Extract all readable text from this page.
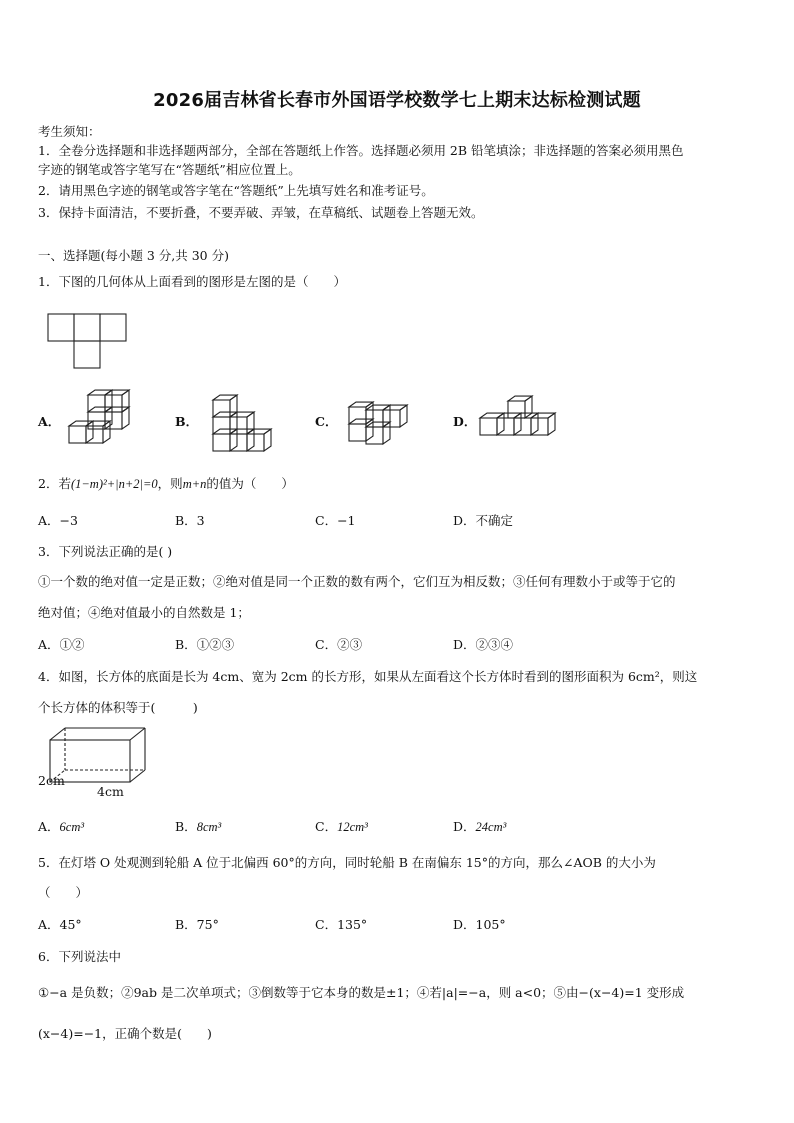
2026届吉林省长春市外国语学校数学七上期末达标检测试题
考生须知：
1．全卷分选择题和非选择题两部分，全部在答题纸上作答。选择题必须用 2B 铅笔填涂；非选择题的答案必须用黑色
字迹的钢笔或答字笔写在“答题纸”相应位置上。
2．请用黑色字迹的钢笔或答字笔在“答题纸”上先填写姓名和准考证号。
3．保持卡面清洁，不要折叠，不要弄破、弄皱，在草稿纸、试题卷上答题无效。
一、选择题(每小题 3 分,共 30 分)
1．下图的几何体从上面看到的图形是左图的是（　　）
A．	B．	C．	D．
2．若(1−m)²+|n+2|=0，则m+n的值为（　　）
A．−3	B．3	C．−1	D．不确定
3．下列说法正确的是( )
①一个数的绝对值一定是正数；②绝对值是同一个正数的数有两个，它们互为相反数；③任何有理数小于或等于它的
绝对值；④绝对值最小的自然数是 1；
A．①②	B．①②③	C．②③	D．②③④
4．如图，长方体的底面是长为 4cm、宽为 2cm 的长方形，如果从左面看这个长方体时看到的图形面积为 6cm²，则这
个长方体的体积等于(　　　)
2cm
4cm
A．6cm³	B．8cm³	C．12cm³	D．24cm³
5．在灯塔 O 处观测到轮船 A 位于北偏西 60°的方向，同时轮船 B 在南偏东 15°的方向，那么∠AOB 的大小为
（　　）
A．45°	B．75°	C．135°	D．105°
6．下列说法中
①−a 是负数；②9ab 是二次单项式；③倒数等于它本身的数是±1；④若|a|=−a，则 a<0；⑤由−(x−4)=1 变形成
(x−4)=−1，正确个数是(　　)
